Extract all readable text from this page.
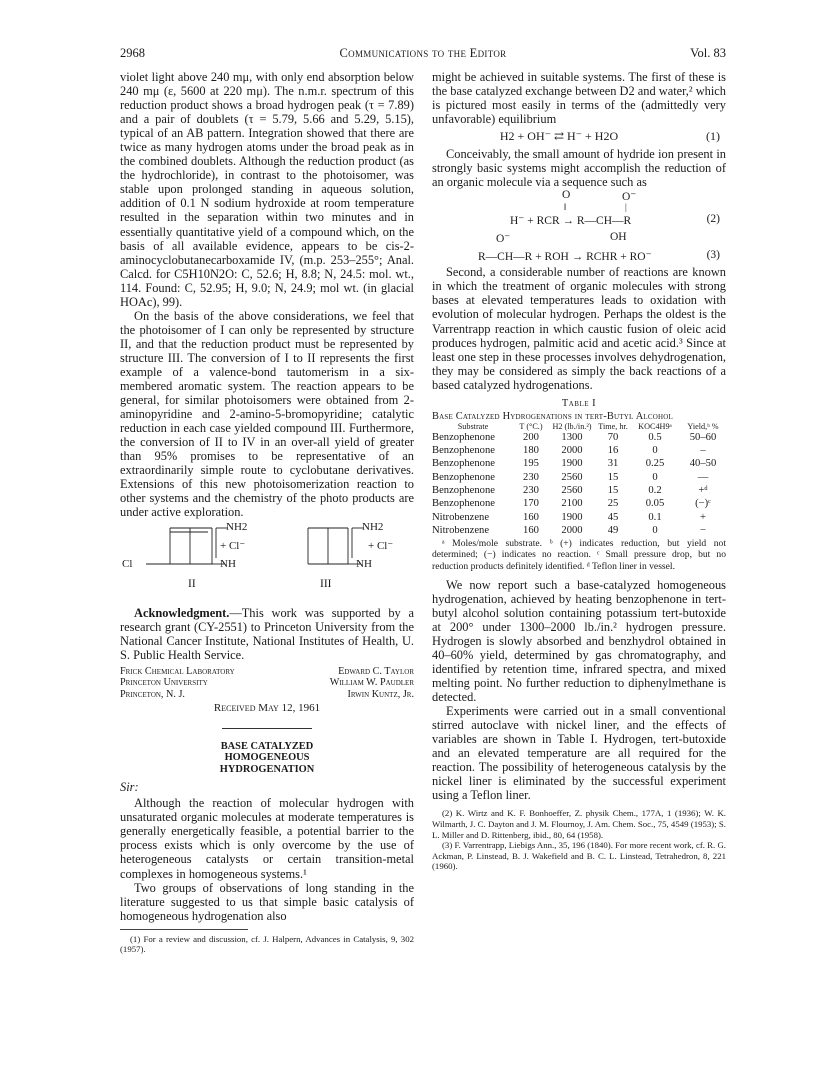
2968	Communications to the Editor	Vol. 83

violet light above 240 mμ, with only end absorption below 240 mμ (ε, 5600 at 220 mμ). The n.m.r. spectrum of this reduction product shows a broad hydrogen peak (τ = 7.89) and a pair of doublets (τ = 5.79, 5.66 and 5.29, 5.15), typical of an AB pattern. Integration showed that there are twice as many hydrogen atoms under the broad peak as in the combined doublets. Although the reduction product (as the hydrochloride), in contrast to the photoisomer, was stable upon prolonged standing in aqueous solution, addition of 0.1 N sodium hydroxide at room temperature resulted in the separation within two minutes and in essentially quantitative yield of a compound which, on the basis of all available evidence, appears to be cis-2-aminocyclobutanecarboxamide IV, (m.p. 253–255°; Anal. Calcd. for C5H10N2O: C, 52.6; H, 8.8; N, 24.5: mol. wt., 114. Found: C, 52.95; H, 9.0; N, 24.9; mol wt. (in glacial HOAc), 99).

On the basis of the above considerations, we feel that the photoisomer of I can only be represented by structure II, and that the reduction product must be represented by structure III. The conversion of I to II represents the first example of a valence-bond tautomerism in a six-membered aromatic system. The reaction appears to be general, for similar photoisomers were obtained from 2-aminopyridine and 2-amino-5-bromopyridine; catalytic reduction in each case yielded compound III. Furthermore, the conversion of II to IV in an over-all yield of greater than 95% promises to be representative of an extraordinarily simple route to cyclobutane derivatives. Extensions of this new photoisomerization reaction to other systems and the chemistry of the photo products are under active exploration.

NH2
+ Cl⁻
NH
Cl
II
NH2
+ Cl⁻
NH
III

Acknowledgment.—This work was supported by a research grant (CY-2551) to Princeton University from the National Cancer Institute, National Institutes of Health, U. S. Public Health Service.

Frick Chemical Laboratory	Edward C. Taylor
Princeton University	William W. Paudler
Princeton, N. J.	Irwin Kuntz, Jr.
Received May 12, 1961
BASE CATALYZED HOMOGENEOUS HYDROGENATION
Sir:

Although the reaction of molecular hydrogen with unsaturated organic molecules at moderate temperatures is generally energetically feasible, a potential barrier to the process exists which is only overcome by the use of heterogeneous catalysts or certain transition-metal complexes in homogeneous systems.¹

Two groups of observations of long standing in the literature suggested to us that simple basic catalysis of homogeneous hydrogenation also

(1) For a review and discussion, cf. J. Halpern, Advances in Catalysis, 9, 302 (1957).

might be achieved in suitable systems. The first of these is the base catalyzed exchange between D2 and water,² which is pictured most easily in terms of the (admittedly very unfavorable) equilibrium

H2 + OH⁻ ⇄ H⁻ + H2O	(1)

Conceivably, the small amount of hydride ion present in strongly basic systems might accomplish the reduction of an organic molecule via a sequence such as

O	O⁻
‖	|
H⁻ + RCR → R—CH—R	(2)
O⁻	OH
R—CH—R + ROH → RCHR + RO⁻	(3)

Second, a considerable number of reactions are known in which the treatment of organic molecules with strong bases at elevated temperatures leads to oxidation with evolution of molecular hydrogen. Perhaps the oldest is the Varrentrapp reaction in which caustic fusion of oleic acid produces hydrogen, palmitic acid and acetic acid.³ Since at least one step in these processes involves dehydrogenation, they may be considered as simply the back reactions of a based catalyzed hydrogenations.

Table I
Base Catalyzed Hydrogenations in tert-Butyl Alcohol
Substrate	T (°C.)	H2 (lb./in.²)	Time, hr.	KOC4H9ᵃ	Yield,ᵇ %
Benzophenone	200	1300	70	0.5	50–60
Benzophenone	180	2000	16	0	–
Benzophenone	195	1900	31	0.25	40–50
Benzophenone	230	2560	15	0	—
Benzophenone	230	2560	15	0.2	+ᵈ
Benzophenone	170	2100	25	0.05	(−)ᶜ
Nitrobenzene	160	1900	45	0.1	+
Nitrobenzene	160	2000	49	0	−

ᵃ Moles/mole substrate. ᵇ (+) indicates reduction, but yield not determined; (−) indicates no reaction. ᶜ Small pressure drop, but no reduction products definitely identified. ᵈ Teflon liner in vessel.

We now report such a base-catalyzed homogeneous hydrogenation, achieved by heating benzophenone in tert-butyl alcohol solution containing potassium tert-butoxide at 200° under 1300–2000 lb./in.² hydrogen pressure. Hydrogen is slowly absorbed and benzhydrol obtained in 40–60% yield, determined by gas chromatography, and identified by retention time, infrared spectra, and mixed melting point. No further reduction to diphenylmethane is detected.

Experiments were carried out in a small conventional stirred autoclave with nickel liner, and the effects of variables are shown in Table I. Hydrogen, tert-butoxide and an elevated temperature are all required for the reaction. The possibility of heterogeneous catalysis by the nickel liner is eliminated by the successful experiment using a Teflon liner.

(2) K. Wirtz and K. F. Bonhoeffer, Z. physik Chem., 177A, 1 (1936); W. K. Wilmarth, J. C. Dayton and J. M. Flournoy, J. Am. Chem. Soc., 75, 4549 (1953); S. L. Miller and D. Rittenberg, ibid., 80, 64 (1958).

(3) F. Varrentrapp, Liebigs Ann., 35, 196 (1840). For more recent work, cf. R. G. Ackman, P. Linstead, B. J. Wakefield and B. C. L. Linstead, Tetrahedron, 8, 221 (1960).
